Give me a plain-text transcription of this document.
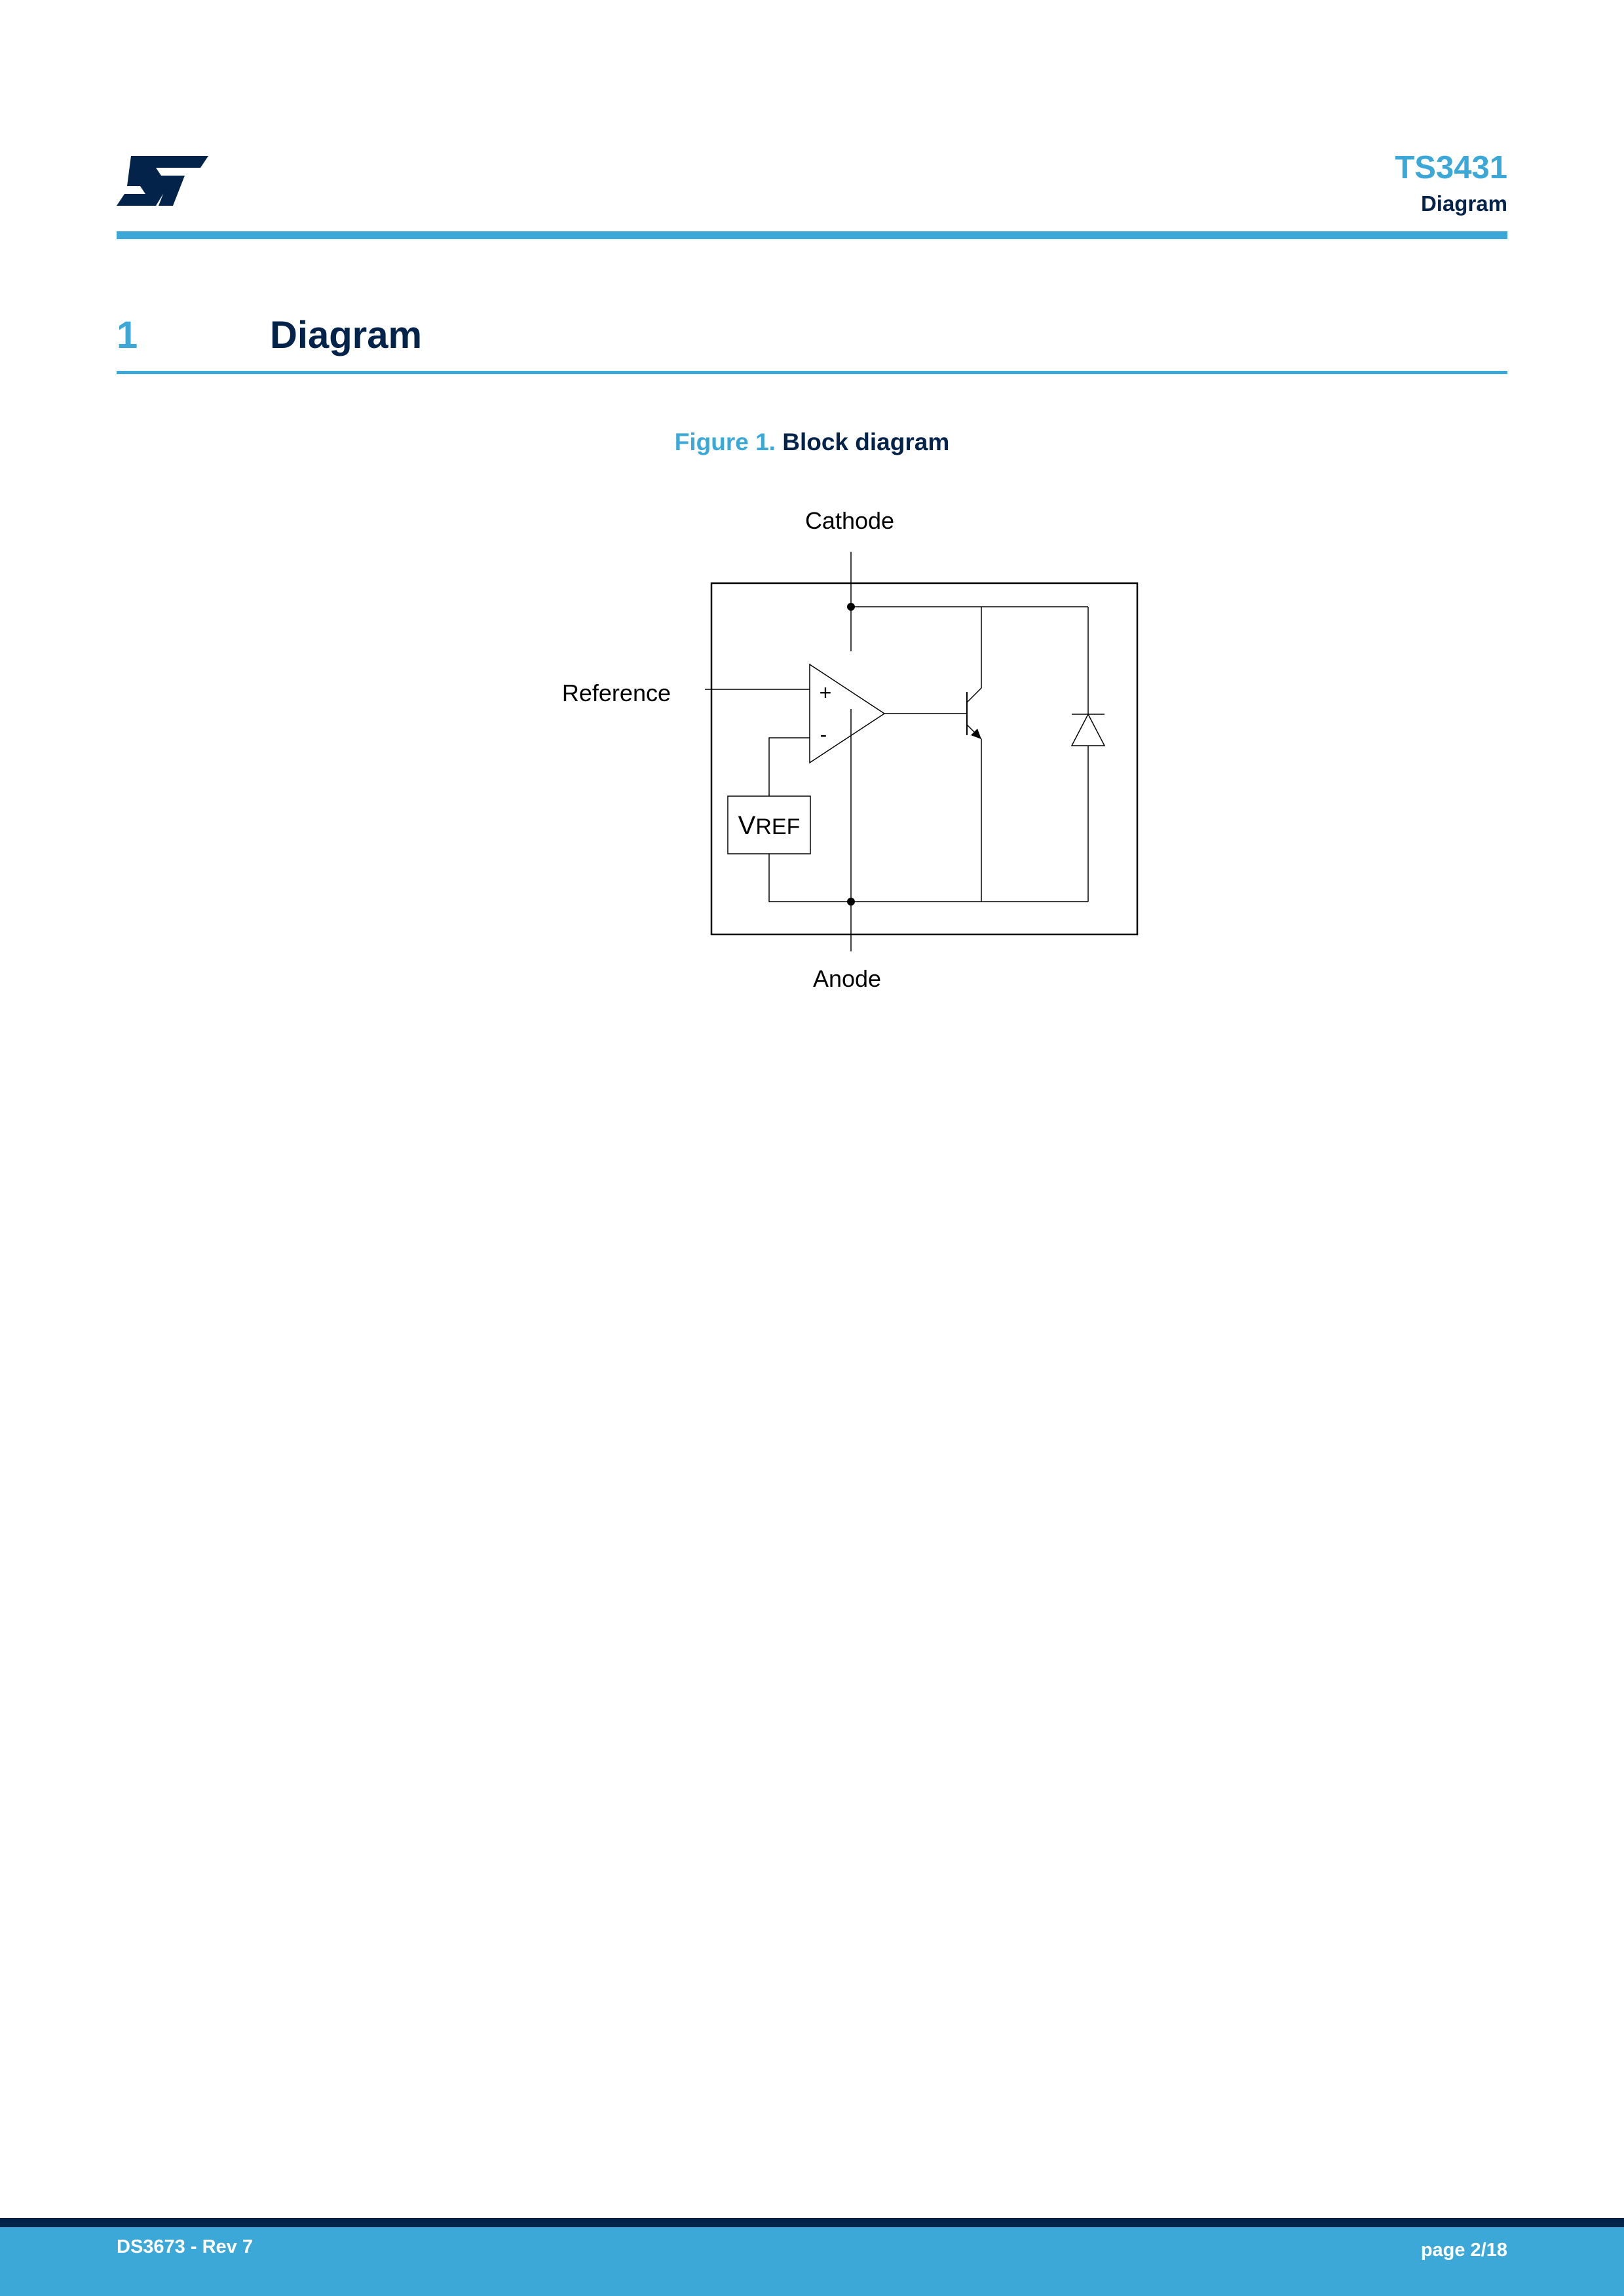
TS3431
Diagram
1	Diagram
Figure 1. Block diagram
Cathode
Reference
Anode
+
-
VREF
DS3673 - Rev 7	page 2/18
